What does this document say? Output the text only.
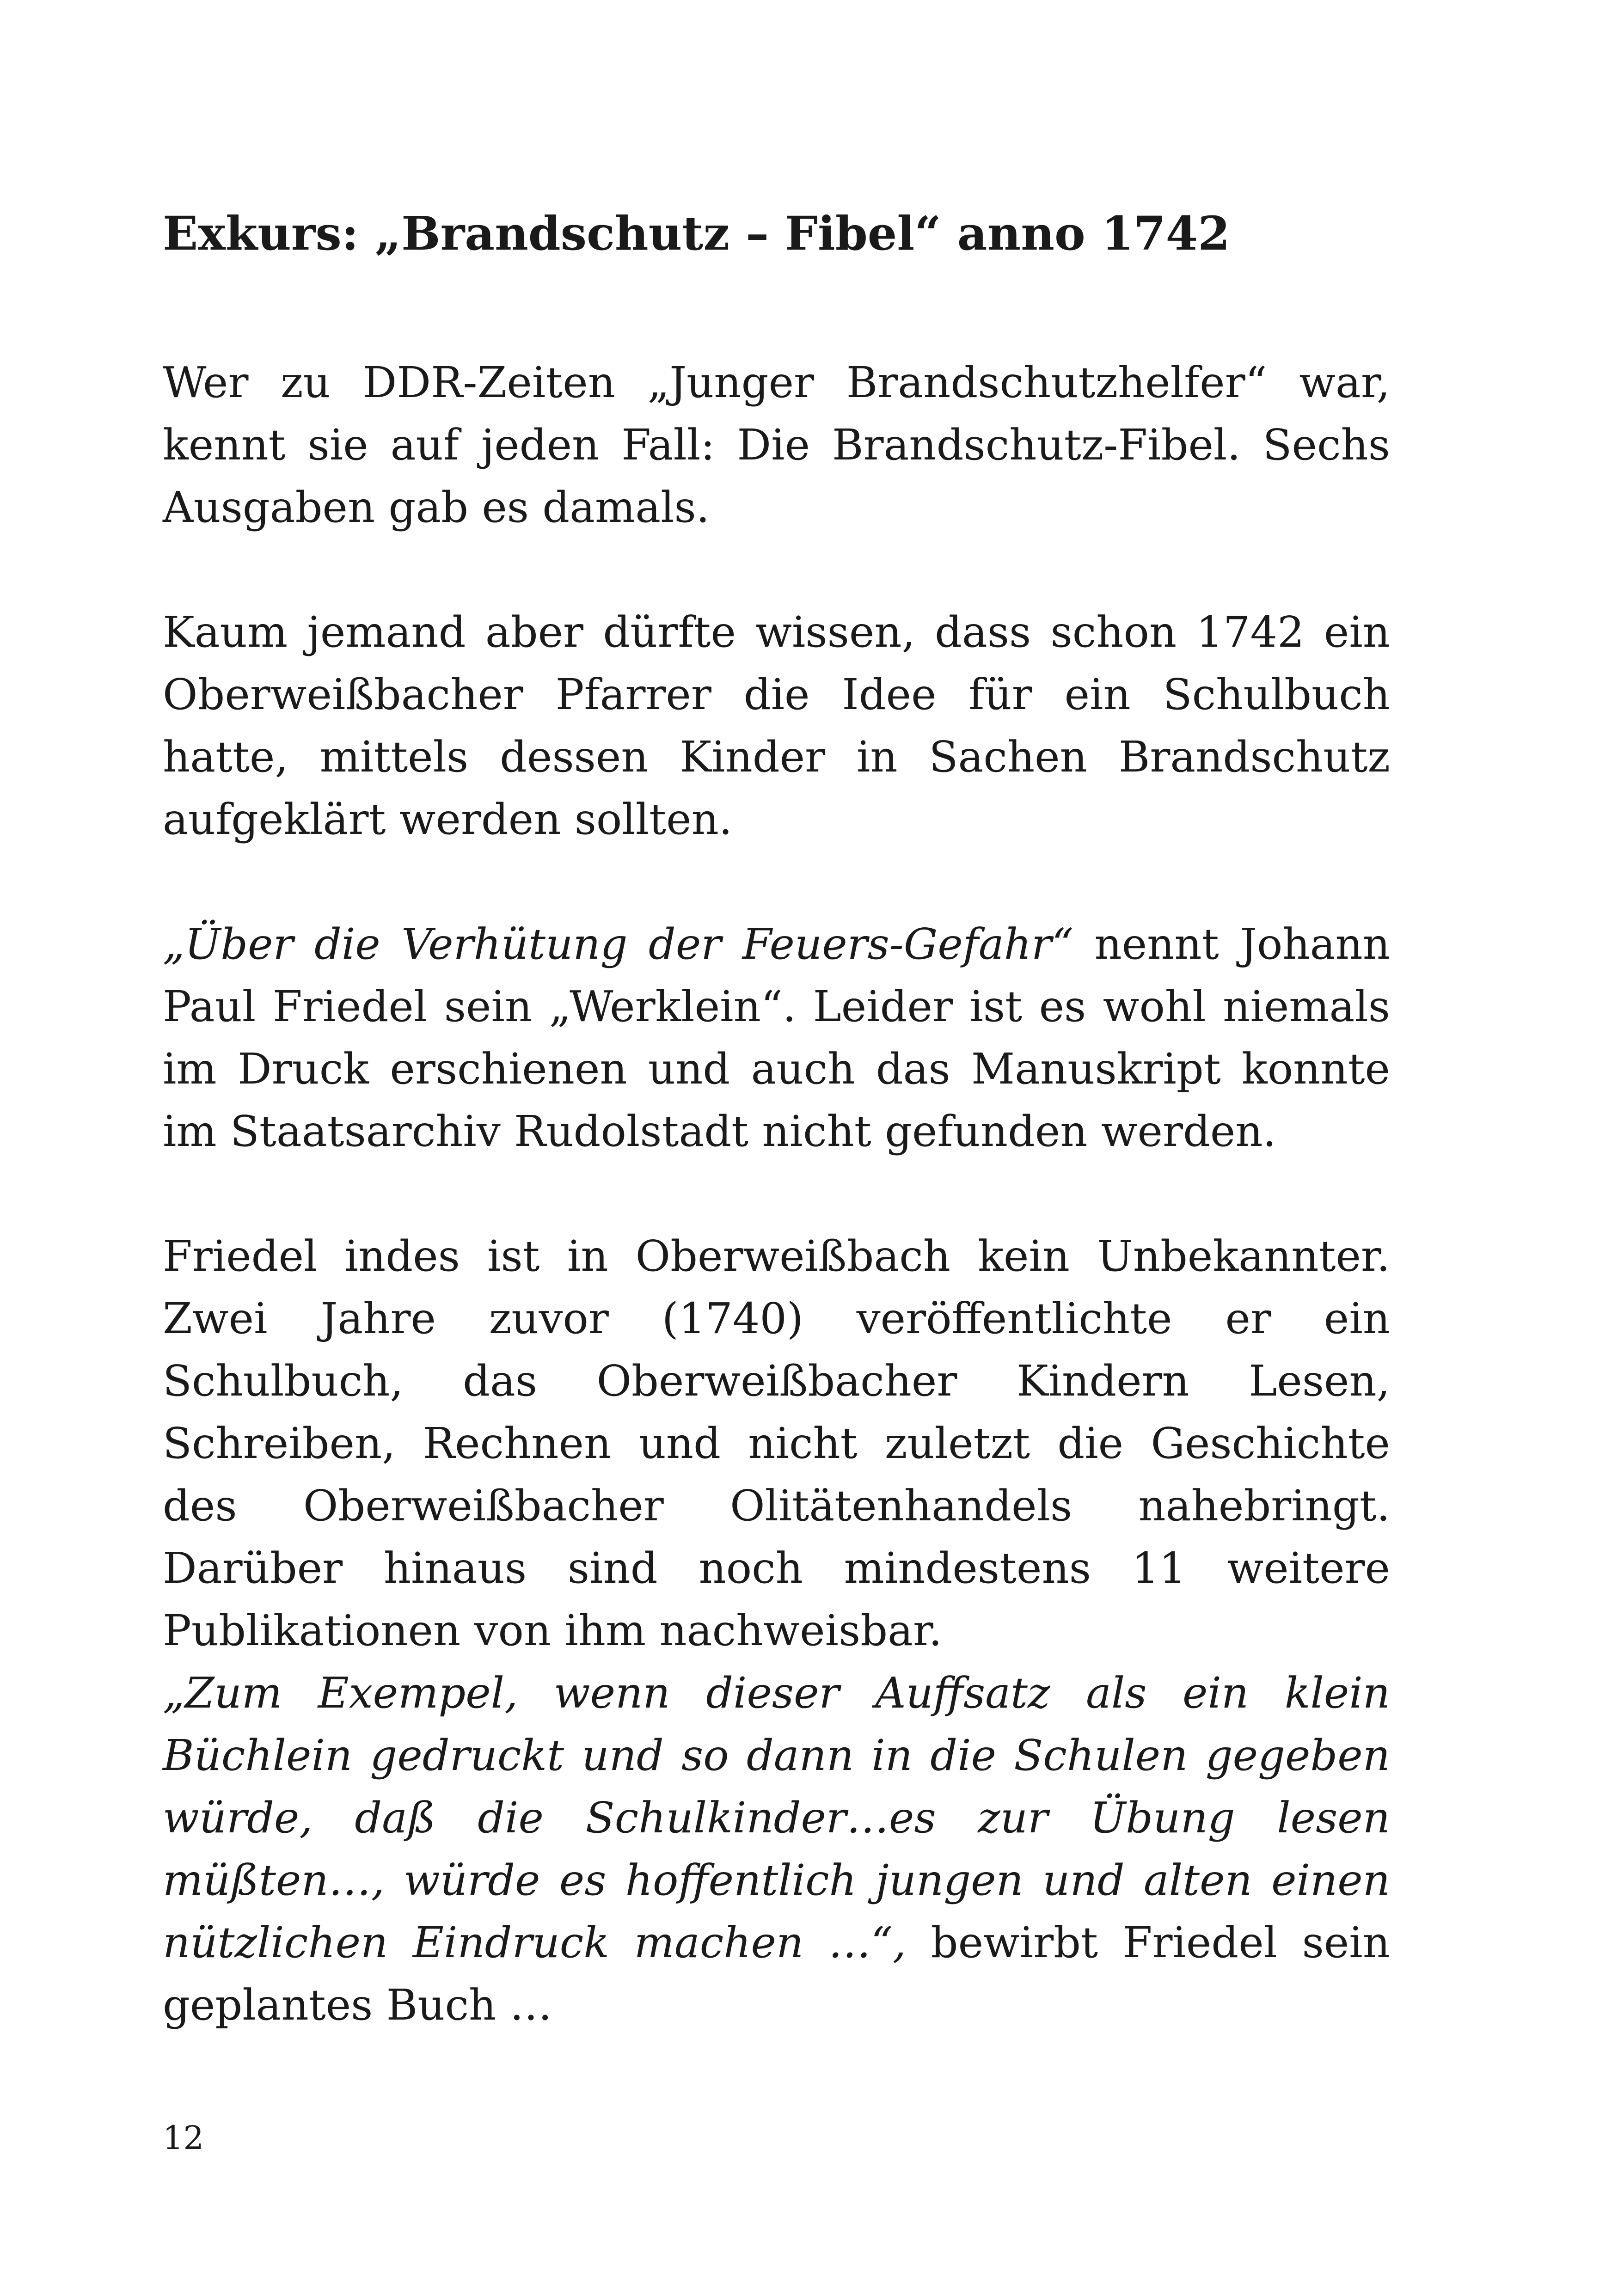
Exkurs: „Brandschutz – Fibel“ anno 1742

Wer zu DDR-Zeiten „Junger Brandschutzhelfer“ war, kennt sie auf jeden Fall: Die Brandschutz-Fibel. Sechs Ausgaben gab es damals.

Kaum jemand aber dürfte wissen, dass schon 1742 ein Oberweißbacher Pfarrer die Idee für ein Schulbuch hatte, mittels dessen Kinder in Sachen Brandschutz aufgeklärt werden sollten.

„Über die Verhütung der Feuers-Gefahr“ nennt Johann Paul Friedel sein „Werklein“. Leider ist es wohl niemals im Druck erschienen und auch das Manuskript konnte im Staatsarchiv Rudolstadt nicht gefunden werden.

Friedel indes ist in Oberweißbach kein Unbekannter. Zwei Jahre zuvor (1740) veröffentlichte er ein Schulbuch, das Oberweißbacher Kindern Lesen, Schreiben, Rechnen und nicht zuletzt die Geschichte des Oberweißbacher Olitätenhandels nahebringt. Darüber hinaus sind noch mindestens 11 weitere Publikationen von ihm nachweisbar.

„Zum Exempel, wenn dieser Auffsatz als ein klein Büchlein gedruckt und so dann in die Schulen gegeben würde, daß die Schulkinder…es zur Übung lesen müßten…, würde es hoffentlich jungen und alten einen nützlichen Eindruck machen …“, bewirbt Friedel sein geplantes Buch …

12
